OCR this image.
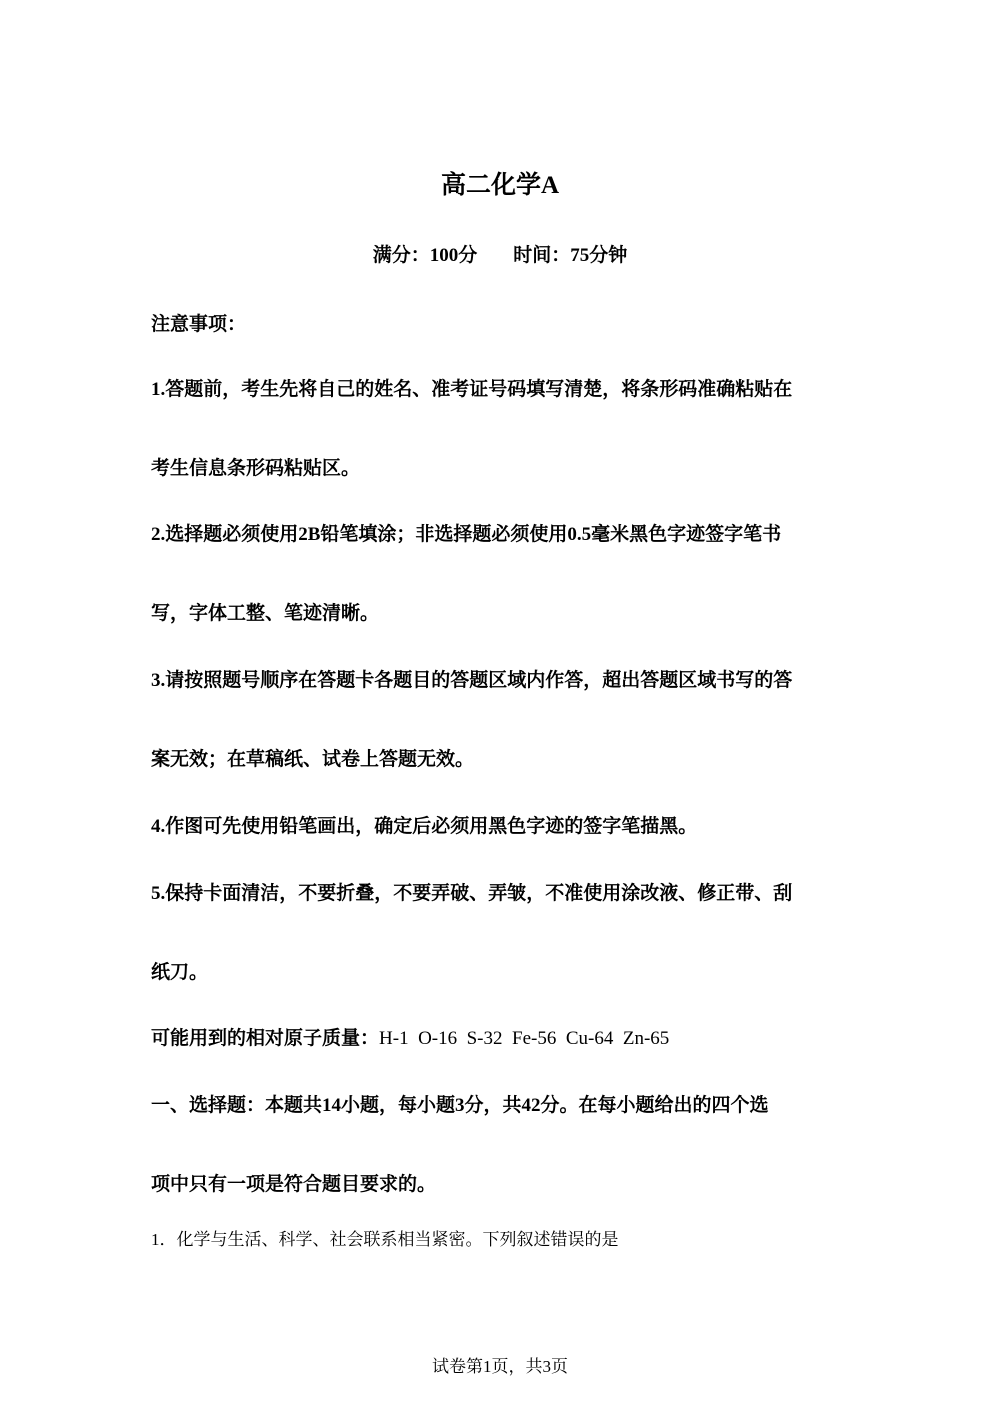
高二化学A
满分：100分 时间：75分钟
注意事项：
1.答题前，考生先将自己的姓名、准考证号码填写清楚，将条形码准确粘贴在
考生信息条形码粘贴区。
2.选择题必须使用2B铅笔填涂；非选择题必须使用0.5毫米黑色字迹签字笔书
写，字体工整、笔迹清晰。
3.请按照题号顺序在答题卡各题目的答题区域内作答，超出答题区域书写的答
案无效；在草稿纸、试卷上答题无效。
4.作图可先使用铅笔画出，确定后必须用黑色字迹的签字笔描黑。
5.保持卡面清洁，不要折叠，不要弄破、弄皱，不准使用涂改液、修正带、刮
纸刀。
可能用到的相对原子质量：H-1  O-16  S-32  Fe-56  Cu-64  Zn-65
一、选择题：本题共14小题，每小题3分，共42分。在每小题给出的四个选
项中只有一项是符合题目要求的。
1．化学与生活、科学、社会联系相当紧密。下列叙述错误的是
试卷第1页，共3页
